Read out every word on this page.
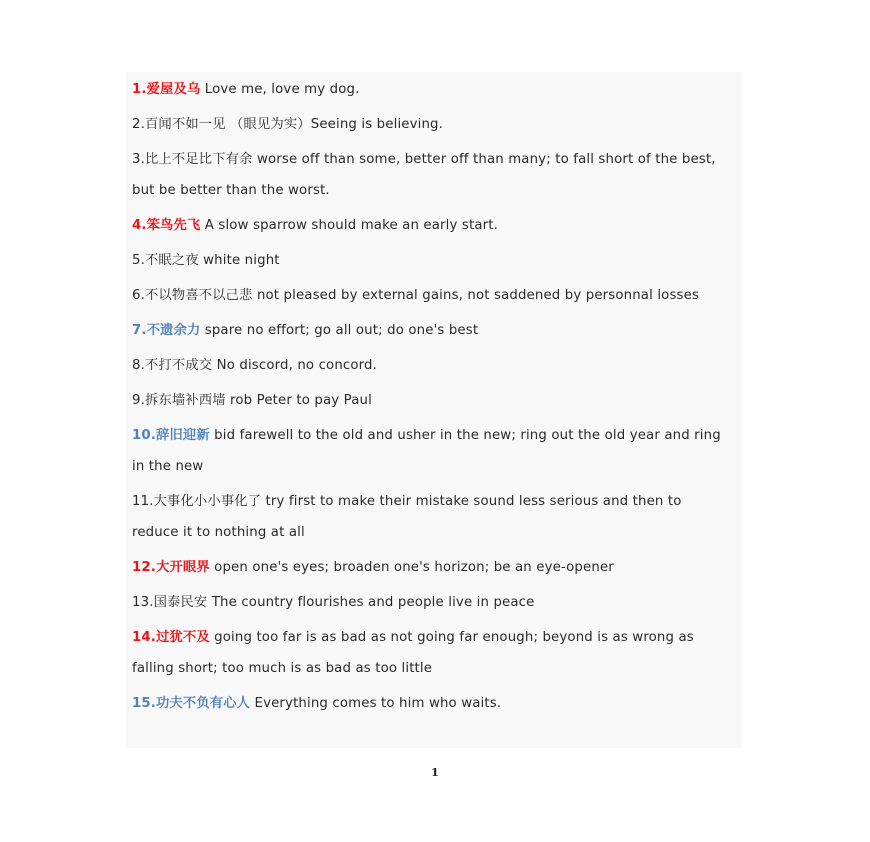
1.爱屋及乌 Love me, love my dog.
2.百闻不如一见 （眼见为实）Seeing is believing.
3.比上不足比下有余 worse off than some, better off than many; to fall short of the best, but be better than the worst.
4.笨鸟先飞 A slow sparrow should make an early start.
5.不眠之夜 white night
6.不以物喜不以己悲 not pleased by external gains, not saddened by personnal losses
7.不遗余力 spare no effort; go all out; do one's best
8.不打不成交 No discord, no concord.
9.拆东墙补西墙 rob Peter to pay Paul
10.辞旧迎新 bid farewell to the old and usher in the new; ring out the old year and ring in the new
11.大事化小小事化了 try first to make their mistake sound less serious and then to reduce it to nothing at all
12.大开眼界 open one's eyes; broaden one's horizon; be an eye-opener
13.国泰民安 The country flourishes and people live in peace
14.过犹不及 going too far is as bad as not going far enough; beyond is as wrong as falling short; too much is as bad as too little
15.功夫不负有心人 Everything comes to him who waits.
1
